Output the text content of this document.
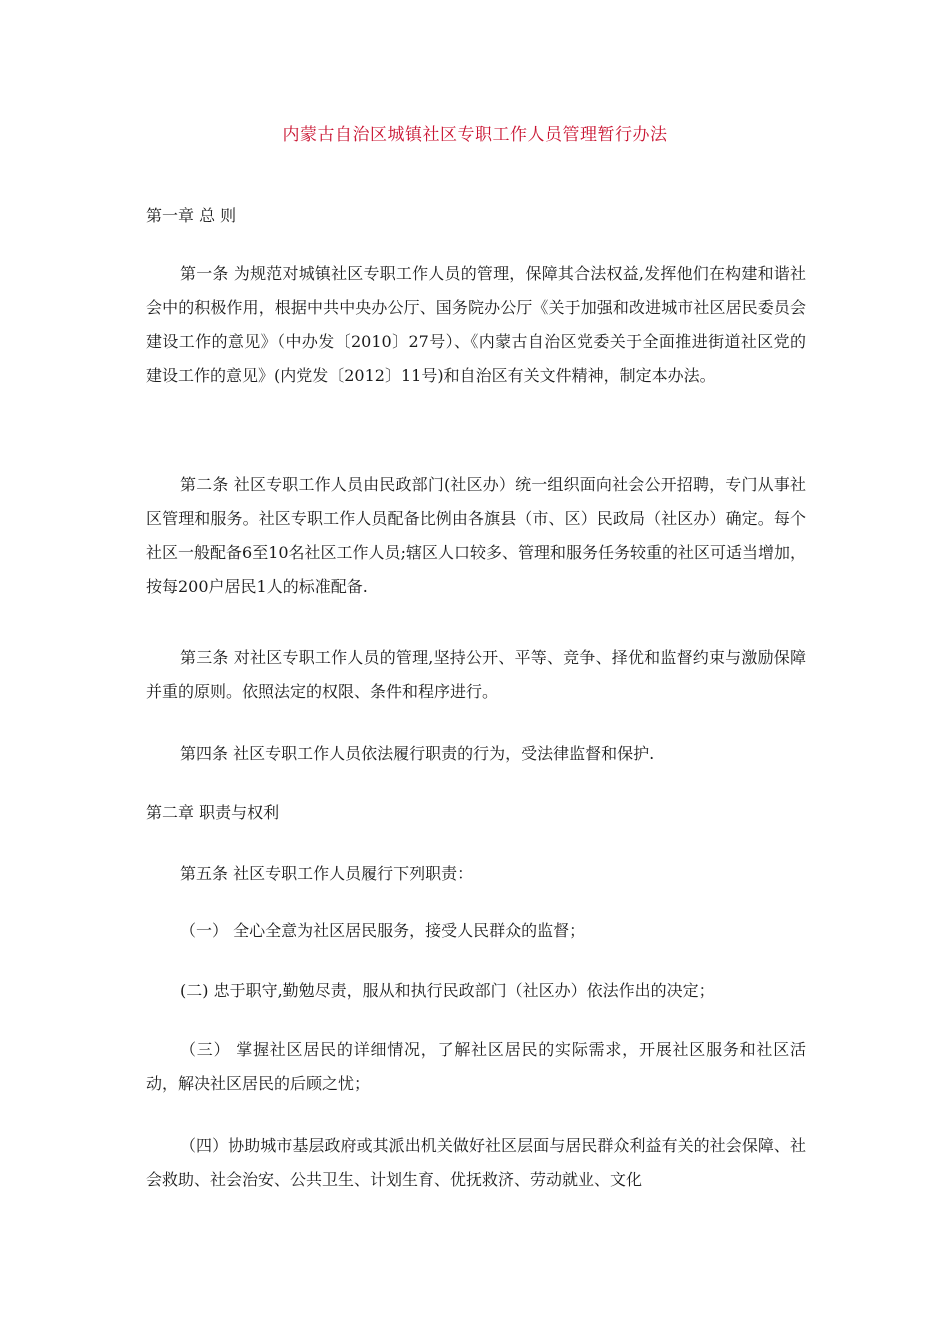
内蒙古自治区城镇社区专职工作人员管理暂行办法
第一章 总 则

第一条 为规范对城镇社区专职工作人员的管理，保障其合法权益,发挥他们在构建和谐社会中的积极作用，根据中共中央办公厅、国务院办公厅《关于加强和改进城市社区居民委员会建设工作的意见》（中办发〔2010〕27号）、《内蒙古自治区党委关于全面推进街道社区党的建设工作的意见》(内党发〔2012〕11号)和自治区有关文件精神，制定本办法。

第二条 社区专职工作人员由民政部门(社区办）统一组织面向社会公开招聘，专门从事社区管理和服务。社区专职工作人员配备比例由各旗县（市、区）民政局（社区办）确定。每个社区一般配备6至10名社区工作人员;辖区人口较多、管理和服务任务较重的社区可适当增加，按每200户居民1人的标准配备.

第三条 对社区专职工作人员的管理,坚持公开、平等、竞争、择优和监督约束与激励保障并重的原则。依照法定的权限、条件和程序进行。

第四条 社区专职工作人员依法履行职责的行为，受法律监督和保护.

第二章 职责与权利

第五条 社区专职工作人员履行下列职责：

（一） 全心全意为社区居民服务，接受人民群众的监督；

(二) 忠于职守,勤勉尽责，服从和执行民政部门（社区办）依法作出的决定；

（三） 掌握社区居民的详细情况，了解社区居民的实际需求，开展社区服务和社区活动，解决社区居民的后顾之忧；

（四）协助城市基层政府或其派出机关做好社区层面与居民群众利益有关的社会保障、社会救助、社会治安、公共卫生、计划生育、优抚救济、劳动就业、文化
